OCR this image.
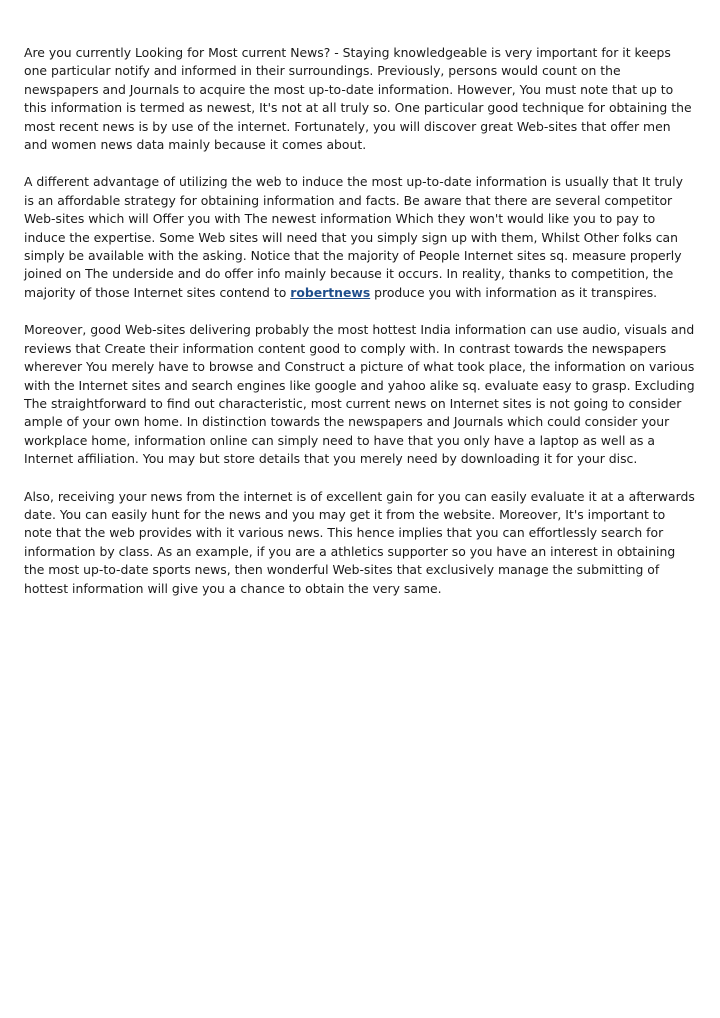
Are you currently Looking for Most current News? - Staying knowledgeable is very important for it keeps one particular notify and informed in their surroundings. Previously, persons would count on the newspapers and Journals to acquire the most up-to-date information. However, You must note that up to this information is termed as newest, It's not at all truly so. One particular good technique for obtaining the most recent news is by use of the internet. Fortunately, you will discover great Web-sites that offer men and women news data mainly because it comes about.

A different advantage of utilizing the web to induce the most up-to-date information is usually that It truly is an affordable strategy for obtaining information and facts. Be aware that there are several competitor Web-sites which will Offer you with The newest information Which they won't would like you to pay to induce the expertise. Some Web sites will need that you simply sign up with them, Whilst Other folks can simply be available with the asking. Notice that the majority of People Internet sites sq. measure properly joined on The underside and do offer info mainly because it occurs. In reality, thanks to competition, the majority of those Internet sites contend to robertnews produce you with information as it transpires.

Moreover, good Web-sites delivering probably the most hottest India information can use audio, visuals and reviews that Create their information content good to comply with. In contrast towards the newspapers wherever You merely have to browse and Construct a picture of what took place, the information on various with the Internet sites and search engines like google and yahoo alike sq. evaluate easy to grasp. Excluding The straightforward to find out characteristic, most current news on Internet sites is not going to consider ample of your own home. In distinction towards the newspapers and Journals which could consider your workplace home, information online can simply need to have that you only have a laptop as well as a Internet affiliation. You may but store details that you merely need by downloading it for your disc.

Also, receiving your news from the internet is of excellent gain for you can easily evaluate it at a afterwards date. You can easily hunt for the news and you may get it from the website. Moreover, It's important to note that the web provides with it various news. This hence implies that you can effortlessly search for information by class. As an example, if you are a athletics supporter so you have an interest in obtaining the most up-to-date sports news, then wonderful Web-sites that exclusively manage the submitting of hottest information will give you a chance to obtain the very same.
